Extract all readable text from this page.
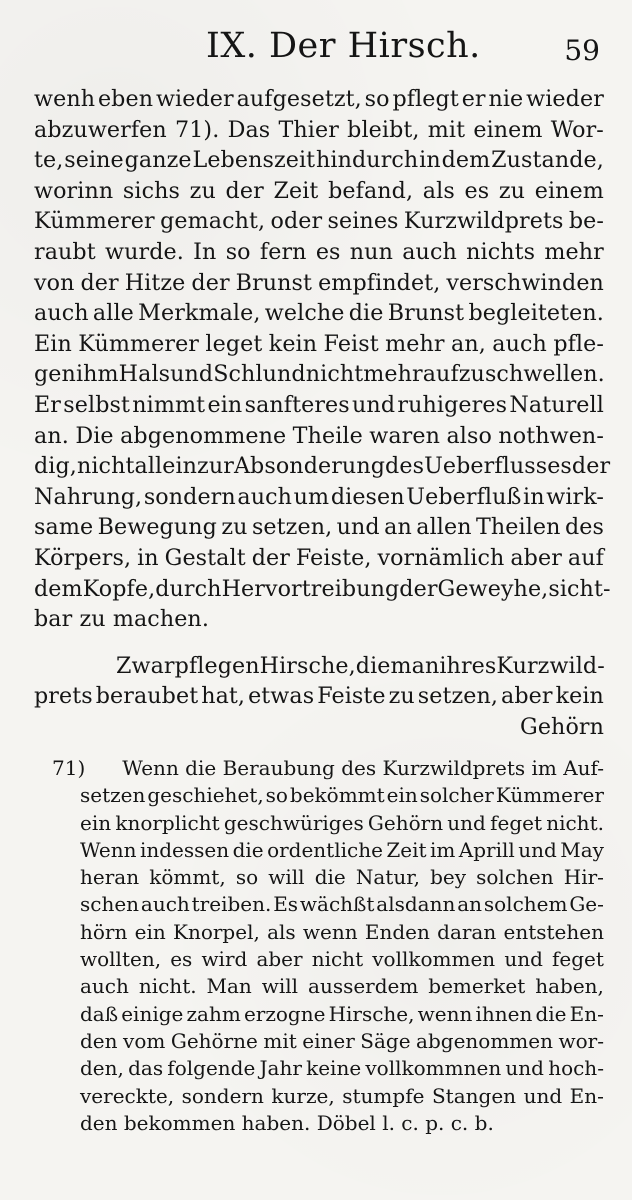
IX. Der Hirsch.	59
wenh eben wieder aufgesetzt, so pflegt er nie wieder
abzuwerfen 71). Das Thier bleibt, mit einem Wor-
te, seine ganze Lebenszeit hindurch in dem Zustande,
worinn sichs zu der Zeit befand, als es zu einem
Kümmerer gemacht, oder seines Kurzwildprets be-
raubt wurde. In so fern es nun auch nichts mehr
von der Hitze der Brunst empfindet, verschwinden
auch alle Merkmale, welche die Brunst begleiteten.
Ein Kümmerer leget kein Feist mehr an, auch pfle-
gen ihm Hals und Schlund nicht mehr aufzuschwellen.
Er selbst nimmt ein sanfteres und ruhigeres Naturell
an. Die abgenommene Theile waren also nothwen-
dig, nicht allein zur Absonderung des Ueberflusses der
Nahrung, sondern auch um diesen Ueberfluß in wirk-
same Bewegung zu setzen, und an allen Theilen des
Körpers, in Gestalt der Feiste, vornämlich aber auf
dem Kopfe, durch Hervortreibung der Geweyhe, sicht-
bar zu machen.
Zwar pflegen Hirsche, die man ihres Kurzwild-
prets beraubet hat, etwas Feiste zu setzen, aber kein
Gehörn
71) Wenn die Beraubung des Kurzwildprets im Auf-
setzen geschiehet, so bekömmt ein solcher Kümmerer
ein knorplicht geschwüriges Gehörn und feget nicht.
Wenn indessen die ordentliche Zeit im Aprill und May
heran kömmt, so will die Natur, bey solchen Hir-
schen auch treiben. Es wächßt alsdann an solchem Ge-
hörn ein Knorpel, als wenn Enden daran entstehen
wollten, es wird aber nicht vollkommen und feget
auch nicht. Man will ausserdem bemerket haben,
daß einige zahm erzogne Hirsche, wenn ihnen die En-
den vom Gehörne mit einer Säge abgenommen wor-
den, das folgende Jahr keine vollkommnen und hoch-
vereckte, sondern kurze, stumpfe Stangen und En-
den bekommen haben. Döbel l. c. p. c. b.
